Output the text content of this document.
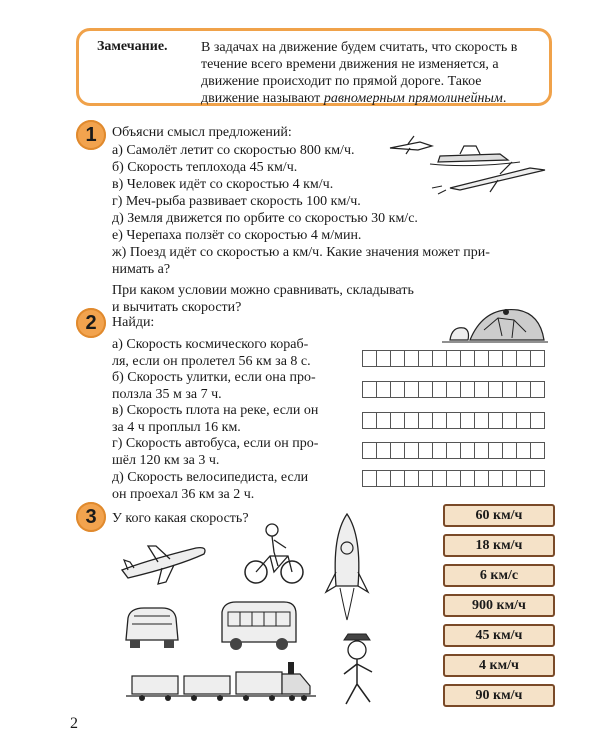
Замечание. В задачах на движение будем считать, что скорость в течение всего времени движения не изменяется, а движение происходит по прямой дороге. Такое движение называют равномерным прямолинейным.
1	Объясни смысл предложений:
а) Самолёт летит со скоростью 800 км/ч.
б) Скорость теплохода 45 км/ч.
в) Человек идёт со скоростью 4 км/ч.
г) Меч-рыба развивает скорость 100 км/ч.
д) Земля движется по орбите со скоростью 30 км/с.
е) Черепаха ползёт со скоростью 4 м/мин.
ж) Поезд идёт со скоростью a км/ч. Какие значения может при-
нимать a?
При каком условии можно сравнивать, складывать
и вычитать скорости?
2	Найди:
а) Скорость космического кораб-
ля, если он пролетел 56 км за 8 с.
б) Скорость улитки, если она про-
ползла 35 м за 7 ч.
в) Скорость плота на реке, если он
за 4 ч проплыл 16 км.
г) Скорость автобуса, если он про-
шёл 120 км за 3 ч.
д) Скорость велосипедиста, если
он проехал 36 км за 2 ч.
3	У кого какая скорость?	60 км/ч
18 км/ч
6 км/с
900 км/ч
45 км/ч
4 км/ч
90 км/ч
2
